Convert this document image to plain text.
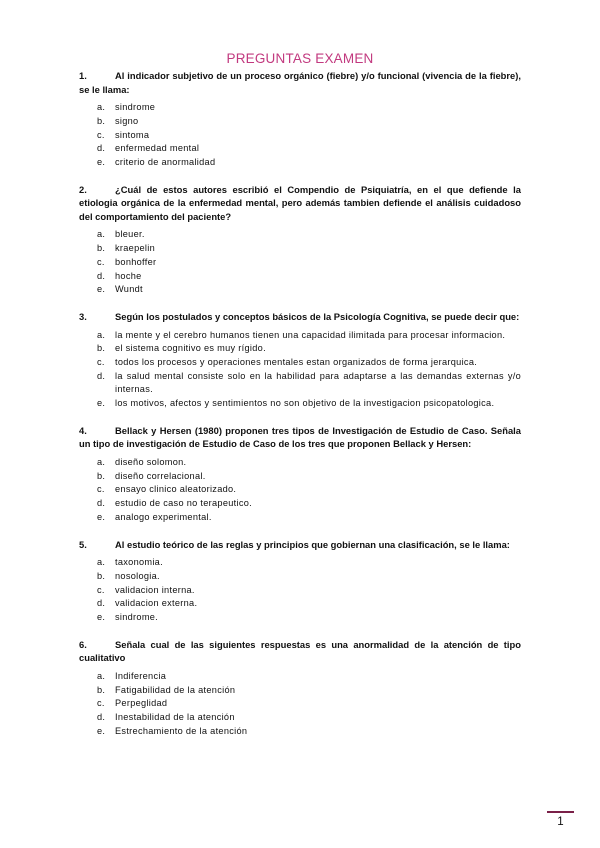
PREGUNTAS EXAMEN

1.	Al indicador subjetivo de un proceso orgánico (fiebre) y/o funcional (vivencia de la fiebre), se le llama:

a. sindrome
b. signo
c. sintoma
d. enfermedad mental
e. criterio de anormalidad

2.	¿Cuál de estos autores escribió el Compendio de Psiquiatría, en el que defiende la etiologia orgánica de la enfermedad mental, pero además tambien defiende el análisis cuidadoso del comportamiento del paciente?

a. bleuer.
b. kraepelin
c. bonhoffer
d. hoche
e. Wundt

3.	Según los postulados y conceptos básicos de la Psicología Cognitiva, se puede decir que:

a. la mente y el cerebro humanos tienen una capacidad ilimitada para procesar informacion.
b. el sistema cognitivo es muy rígido.
c. todos los procesos y operaciones mentales estan organizados de forma jerarquica.
d. la salud mental consiste solo en la habilidad para adaptarse a las demandas externas y/o internas.
e. los motivos, afectos y sentimientos no son objetivo de la investigacion psicopatologica.

4.	Bellack y Hersen (1980) proponen tres tipos de Investigación de Estudio de Caso. Señala un tipo de investigación de Estudio de Caso de los tres que proponen Bellack y Hersen:

a. diseño solomon.
b. diseño correlacional.
c. ensayo clinico aleatorizado.
d. estudio de caso no terapeutico.
e. analogo experimental.

5.	Al estudio teórico de las reglas y principios que gobiernan una clasificación, se le llama:

a. taxonomia.
b. nosologia.
c. validacion interna.
d. validacion externa.
e. sindrome.

6.	Señala cual de las siguientes respuestas es una anormalidad de la atención de tipo cualitativo

a. Indiferencia
b. Fatigabilidad de la atención
c. Perpeglidad
d. Inestabilidad de la atención
e. Estrechamiento de la atención
1
